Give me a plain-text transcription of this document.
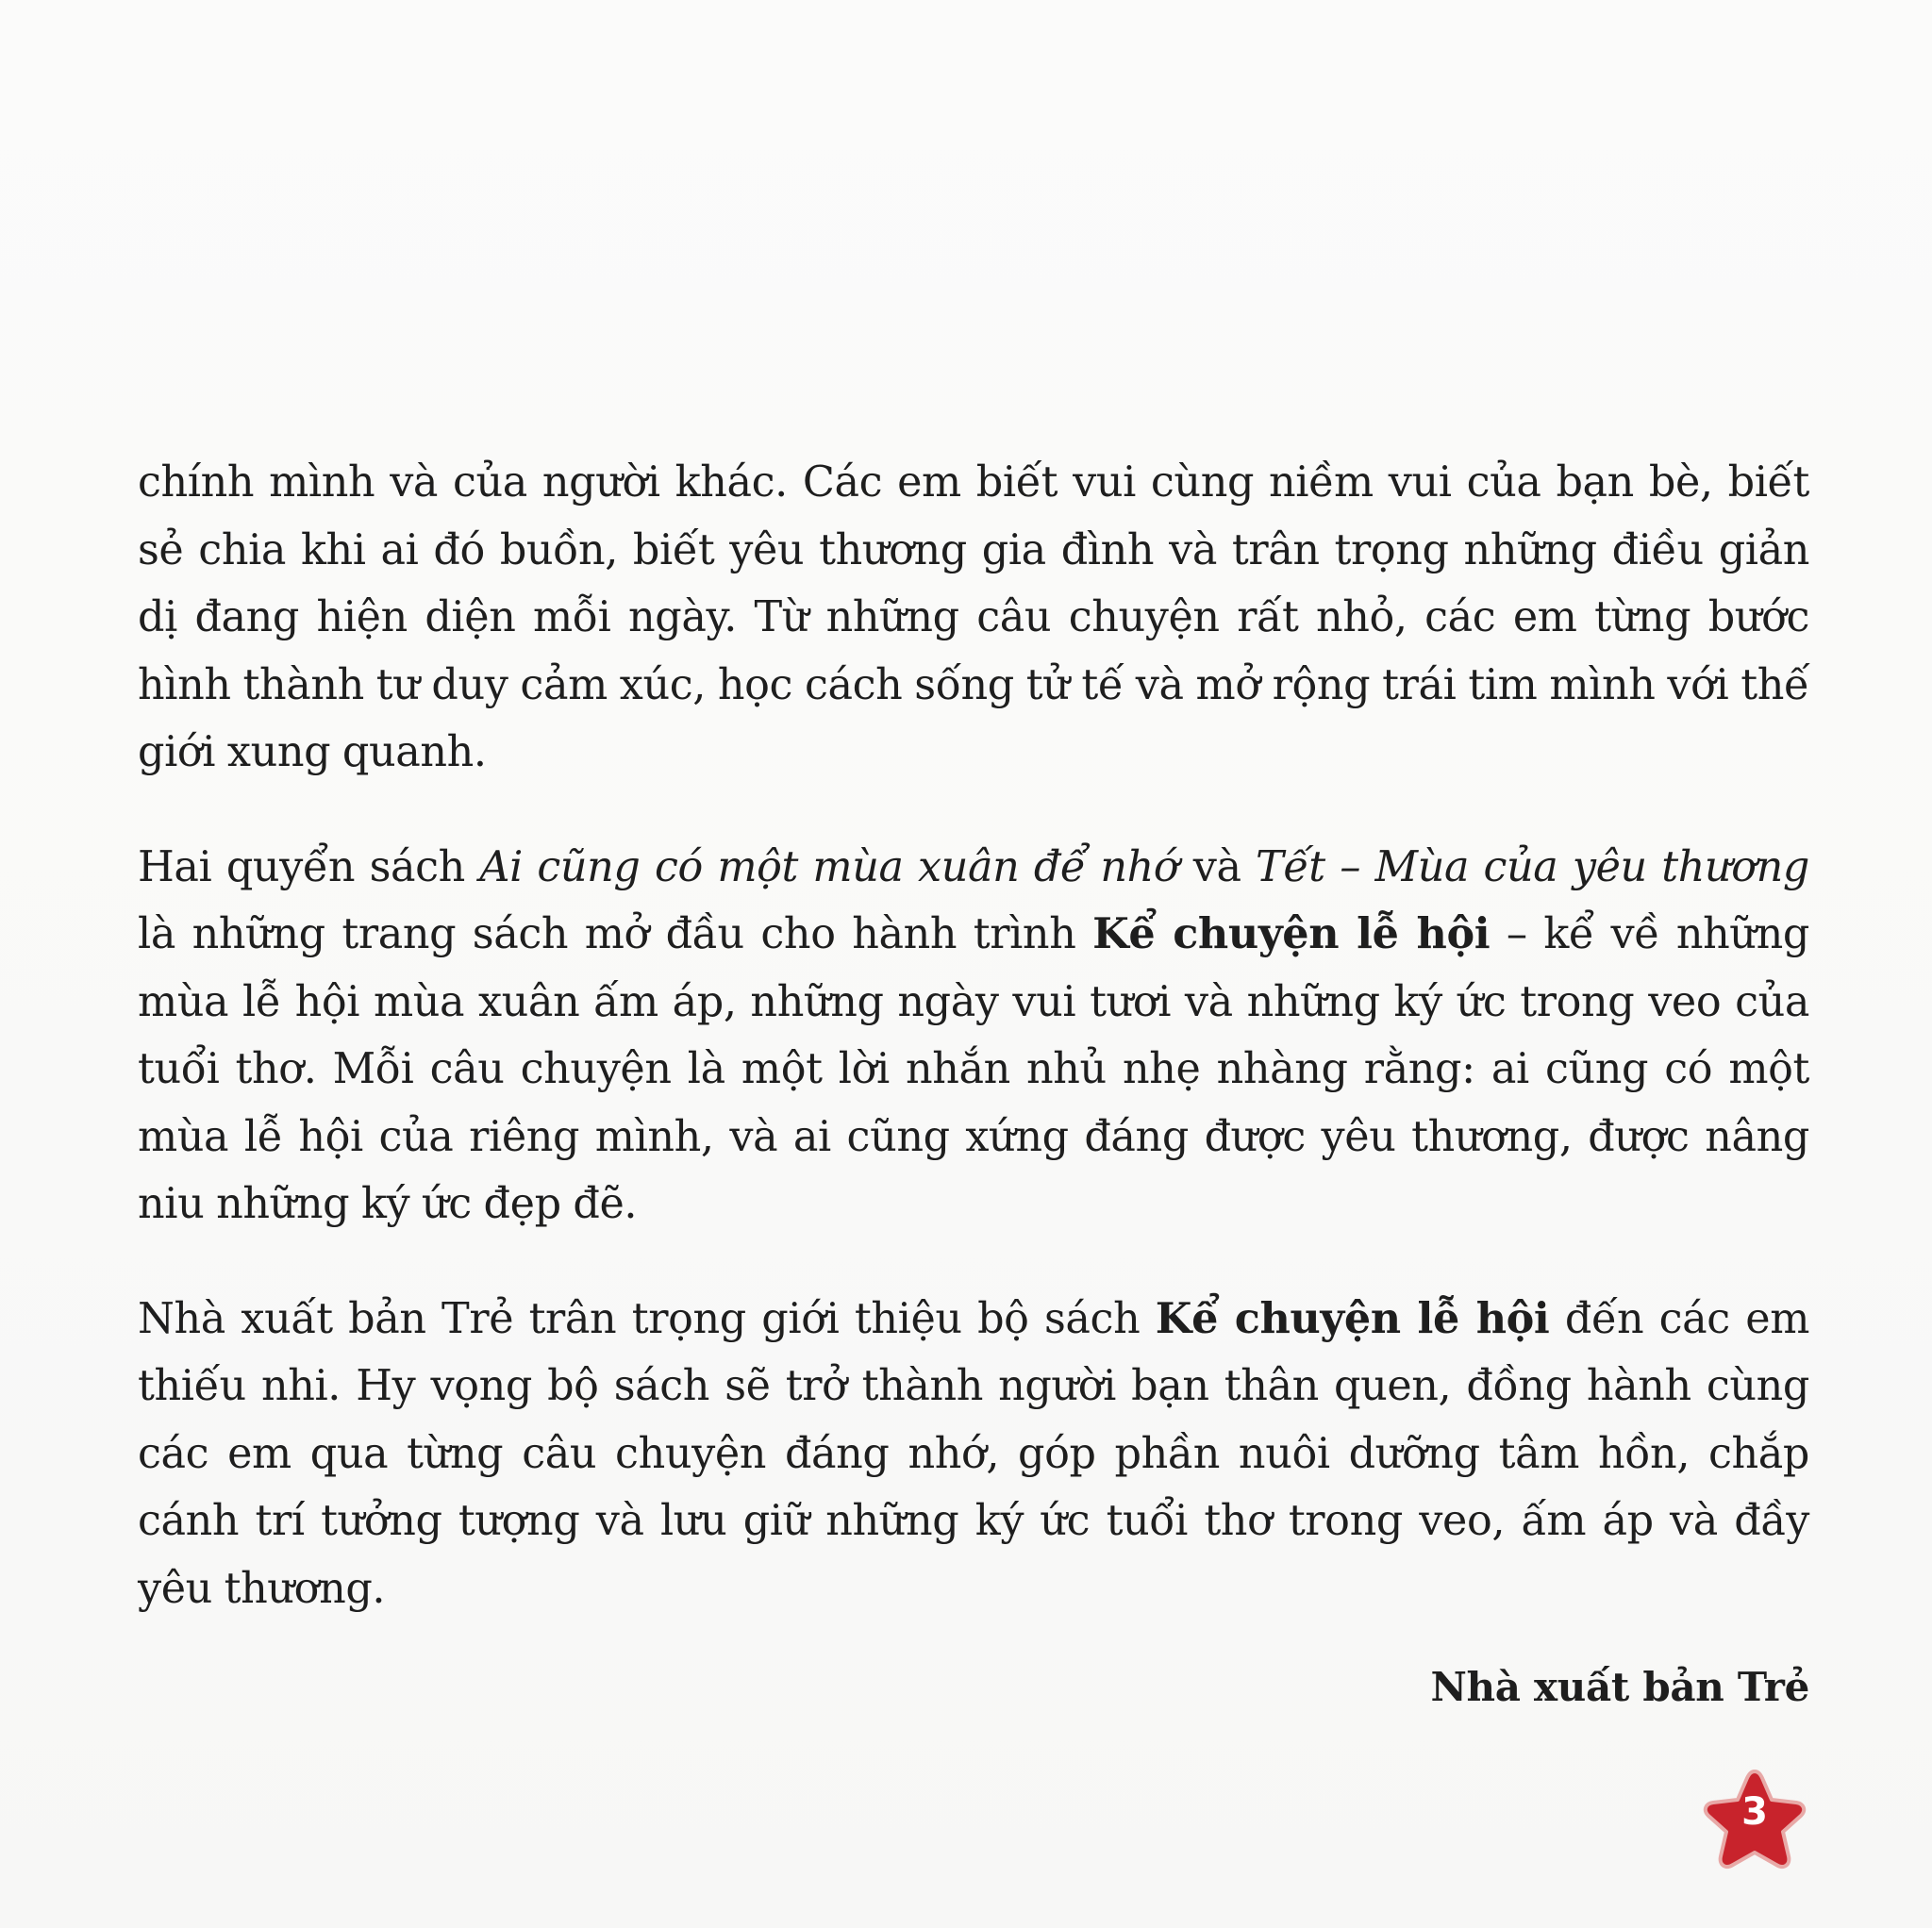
chính mình và của người khác. Các em biết vui cùng niềm vui của bạn bè, biết sẻ chia khi ai đó buồn, biết yêu thương gia đình và trân trọng những điều giản dị đang hiện diện mỗi ngày. Từ những câu chuyện rất nhỏ, các em từng bước hình thành tư duy cảm xúc, học cách sống tử tế và mở rộng trái tim mình với thế giới xung quanh.

Hai quyển sách Ai cũng có một mùa xuân để nhớ và Tết – Mùa của yêu thương là những trang sách mở đầu cho hành trình Kể chuyện lễ hội – kể về những mùa lễ hội mùa xuân ấm áp, những ngày vui tươi và những ký ức trong veo của tuổi thơ. Mỗi câu chuyện là một lời nhắn nhủ nhẹ nhàng rằng: ai cũng có một mùa lễ hội của riêng mình, và ai cũng xứng đáng được yêu thương, được nâng niu những ký ức đẹp đẽ.

Nhà xuất bản Trẻ trân trọng giới thiệu bộ sách Kể chuyện lễ hội đến các em thiếu nhi. Hy vọng bộ sách sẽ trở thành người bạn thân quen, đồng hành cùng các em qua từng câu chuyện đáng nhớ, góp phần nuôi dưỡng tâm hồn, chắp cánh trí tưởng tượng và lưu giữ những ký ức tuổi thơ trong veo, ấm áp và đầy yêu thương.

Nhà xuất bản Trẻ
3
